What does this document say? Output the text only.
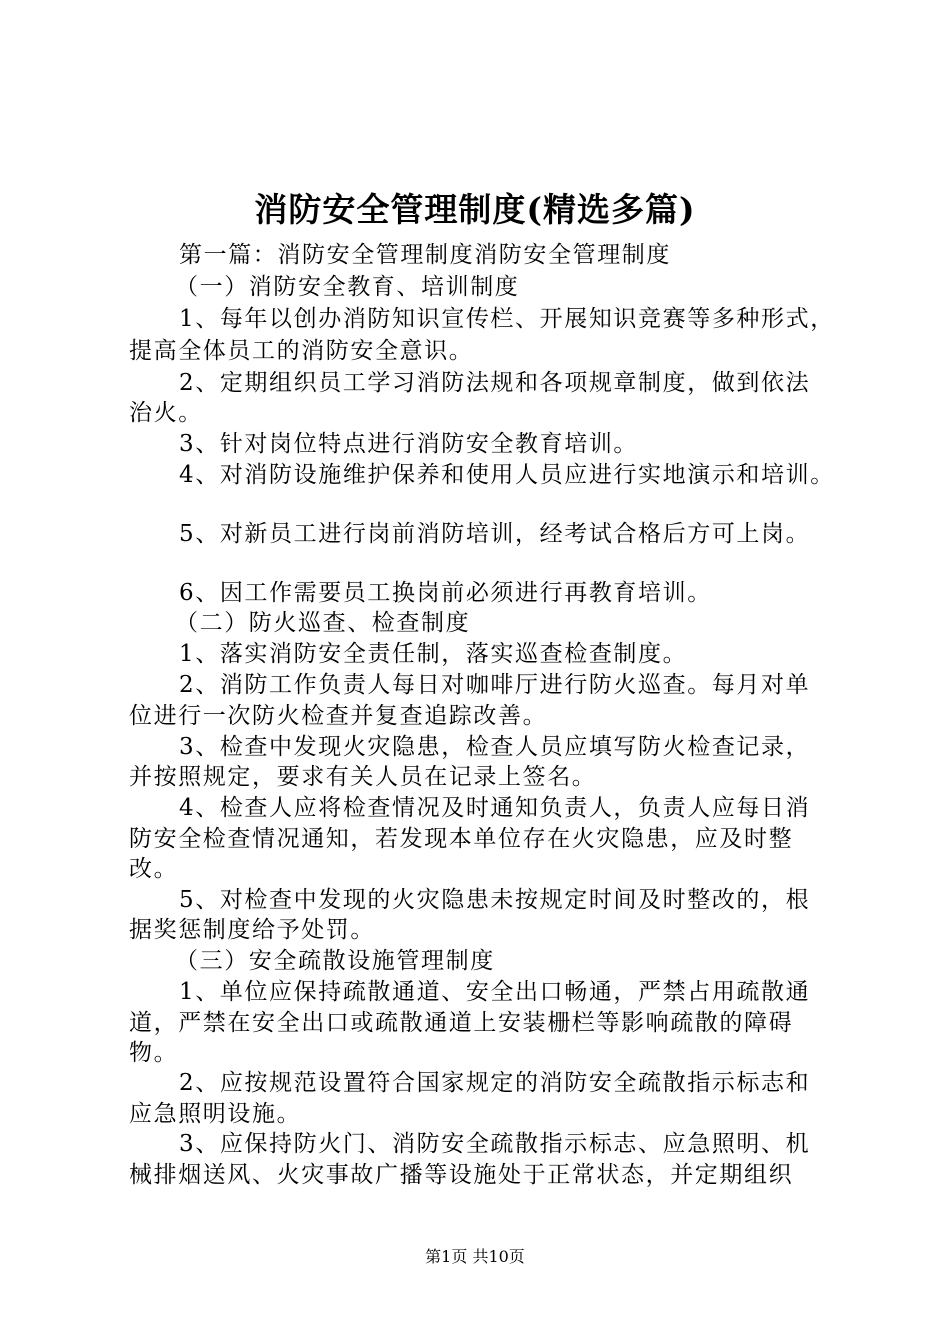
消防安全管理制度(精选多篇)
第一篇：消防安全管理制度消防安全管理制度
（一）消防安全教育、培训制度
1、每年以创办消防知识宣传栏、开展知识竞赛等多种形式，
提高全体员工的消防安全意识。
2、定期组织员工学习消防法规和各项规章制度，做到依法
治火。
3、针对岗位特点进行消防安全教育培训。
4、对消防设施维护保养和使用人员应进行实地演示和培训。
5、对新员工进行岗前消防培训，经考试合格后方可上岗。
6、因工作需要员工换岗前必须进行再教育培训。
（二）防火巡查、检查制度
1、落实消防安全责任制，落实巡查检查制度。
2、消防工作负责人每日对咖啡厅进行防火巡查。每月对单
位进行一次防火检查并复查追踪改善。
3、检查中发现火灾隐患，检查人员应填写防火检查记录，
并按照规定，要求有关人员在记录上签名。
4、检查人应将检查情况及时通知负责人，负责人应每日消
防安全检查情况通知，若发现本单位存在火灾隐患，应及时整
改。
5、对检查中发现的火灾隐患未按规定时间及时整改的，根
据奖惩制度给予处罚。
（三）安全疏散设施管理制度
1、单位应保持疏散通道、安全出口畅通，严禁占用疏散通
道，严禁在安全出口或疏散通道上安装栅栏等影响疏散的障碍
物。
2、应按规范设置符合国家规定的消防安全疏散指示标志和
应急照明设施。
3、应保持防火门、消防安全疏散指示标志、应急照明、机
械排烟送风、火灾事故广播等设施处于正常状态，并定期组织
第1页 共10页
